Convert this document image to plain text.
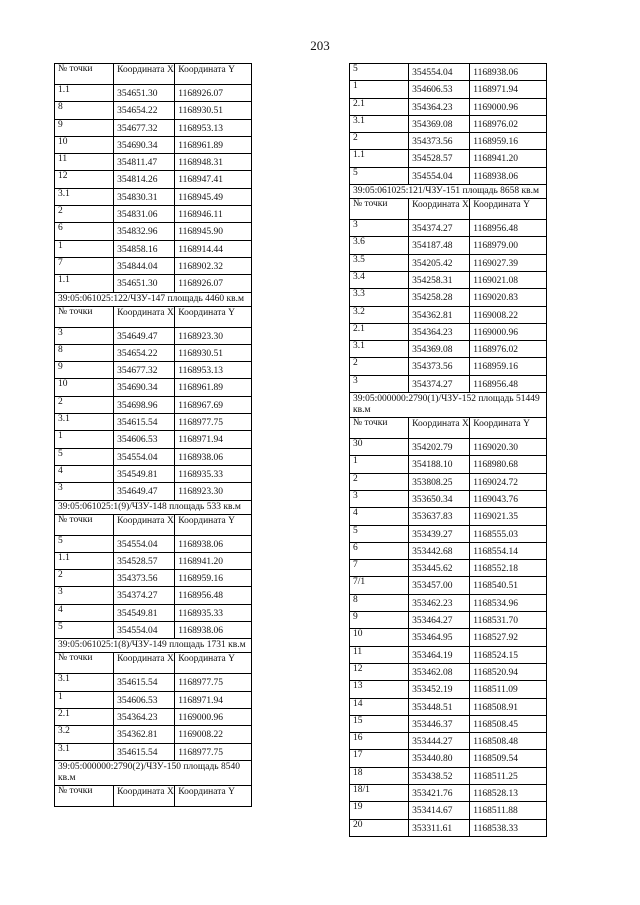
203
№ точки	Координата X	Координата Y
1.1	354651.30	1168926.07
8	354654.22	1168930.51
9	354677.32	1168953.13
10	354690.34	1168961.89
11	354811.47	1168948.31
12	354814.26	1168947.41
3.1	354830.31	1168945.49
2	354831.06	1168946.11
6	354832.96	1168945.90
1	354858.16	1168914.44
7	354844.04	1168902.32
1.1	354651.30	1168926.07
39:05:061025:122/ЧЗУ-147 площадь 4460 кв.м
№ точки	Координата X	Координата Y
3	354649.47	1168923.30
8	354654.22	1168930.51
9	354677.32	1168953.13
10	354690.34	1168961.89
2	354698.96	1168967.69
3.1	354615.54	1168977.75
1	354606.53	1168971.94
5	354554.04	1168938.06
4	354549.81	1168935.33
3	354649.47	1168923.30
39:05:061025:1(9)/ЧЗУ-148 площадь 533 кв.м
№ точки	Координата X	Координата Y
5	354554.04	1168938.06
1.1	354528.57	1168941.20
2	354373.56	1168959.16
3	354374.27	1168956.48
4	354549.81	1168935.33
5	354554.04	1168938.06
39:05:061025:1(8)/ЧЗУ-149 площадь 1731 кв.м
№ точки	Координата X	Координата Y
3.1	354615.54	1168977.75
1	354606.53	1168971.94
2.1	354364.23	1169000.96
3.2	354362.81	1169008.22
3.1	354615.54	1168977.75
39:05:000000:2790(2)/ЧЗУ-150 площадь 8540 кв.м
№ точки	Координата X	Координата Y
5	354554.04	1168938.06
1	354606.53	1168971.94
2.1	354364.23	1169000.96
3.1	354369.08	1168976.02
2	354373.56	1168959.16
1.1	354528.57	1168941.20
5	354554.04	1168938.06
39:05:061025:121/ЧЗУ-151 площадь 8658 кв.м
№ точки	Координата X	Координата Y
3	354374.27	1168956.48
3.6	354187.48	1168979.00
3.5	354205.42	1169027.39
3.4	354258.31	1169021.08
3.3	354258.28	1169020.83
3.2	354362.81	1169008.22
2.1	354364.23	1169000.96
3.1	354369.08	1168976.02
2	354373.56	1168959.16
3	354374.27	1168956.48
39:05:000000:2790(1)/ЧЗУ-152 площадь 51449 кв.м
№ точки	Координата X	Координата Y
30	354202.79	1169020.30
1	354188.10	1168980.68
2	353808.25	1169024.72
3	353650.34	1169043.76
4	353637.83	1169021.35
5	353439.27	1168555.03
6	353442.68	1168554.14
7	353445.62	1168552.18
7/1	353457.00	1168540.51
8	353462.23	1168534.96
9	353464.27	1168531.70
10	353464.95	1168527.92
11	353464.19	1168524.15
12	353462.08	1168520.94
13	353452.19	1168511.09
14	353448.51	1168508.91
15	353446.37	1168508.45
16	353444.27	1168508.48
17	353440.80	1168509.54
18	353438.52	1168511.25
18/1	353421.76	1168528.13
19	353414.67	1168511.88
20	353311.61	1168538.33
